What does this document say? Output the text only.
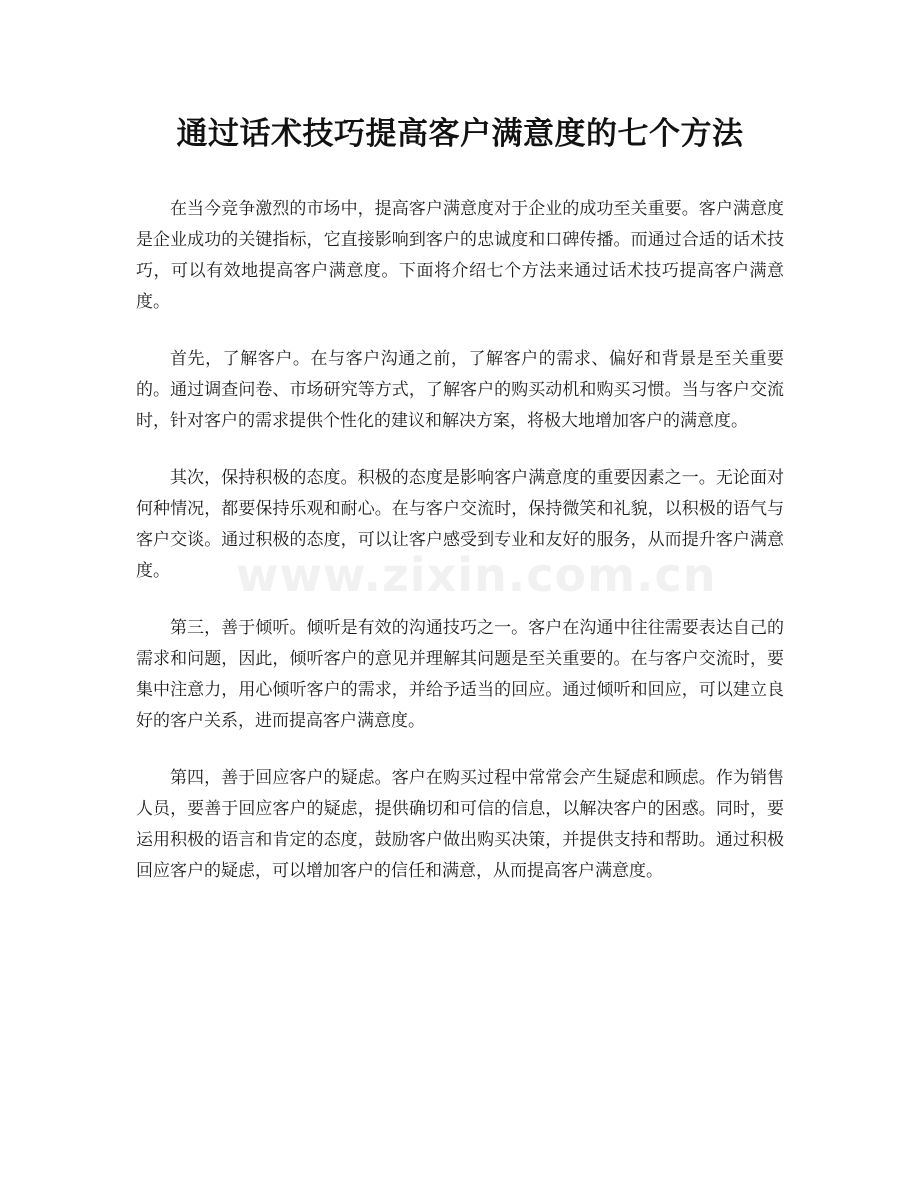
通过话术技巧提高客户满意度的七个方法

在当今竞争激烈的市场中，提高客户满意度对于企业的成功至关重要。客户满意度是企业成功的关键指标，它直接影响到客户的忠诚度和口碑传播。而通过合适的话术技巧，可以有效地提高客户满意度。下面将介绍七个方法来通过话术技巧提高客户满意度。

首先，了解客户。在与客户沟通之前，了解客户的需求、偏好和背景是至关重要的。通过调查问卷、市场研究等方式，了解客户的购买动机和购买习惯。当与客户交流时，针对客户的需求提供个性化的建议和解决方案，将极大地增加客户的满意度。

其次，保持积极的态度。积极的态度是影响客户满意度的重要因素之一。无论面对何种情况，都要保持乐观和耐心。在与客户交流时，保持微笑和礼貌，以积极的语气与客户交谈。通过积极的态度，可以让客户感受到专业和友好的服务，从而提升客户满意度。

第三，善于倾听。倾听是有效的沟通技巧之一。客户在沟通中往往需要表达自己的需求和问题，因此，倾听客户的意见并理解其问题是至关重要的。在与客户交流时，要集中注意力，用心倾听客户的需求，并给予适当的回应。通过倾听和回应，可以建立良好的客户关系，进而提高客户满意度。

第四，善于回应客户的疑虑。客户在购买过程中常常会产生疑虑和顾虑。作为销售人员，要善于回应客户的疑虑，提供确切和可信的信息，以解决客户的困惑。同时，要运用积极的语言和肯定的态度，鼓励客户做出购买决策，并提供支持和帮助。通过积极回应客户的疑虑，可以增加客户的信任和满意，从而提高客户满意度。

www.zixin.com.cn
